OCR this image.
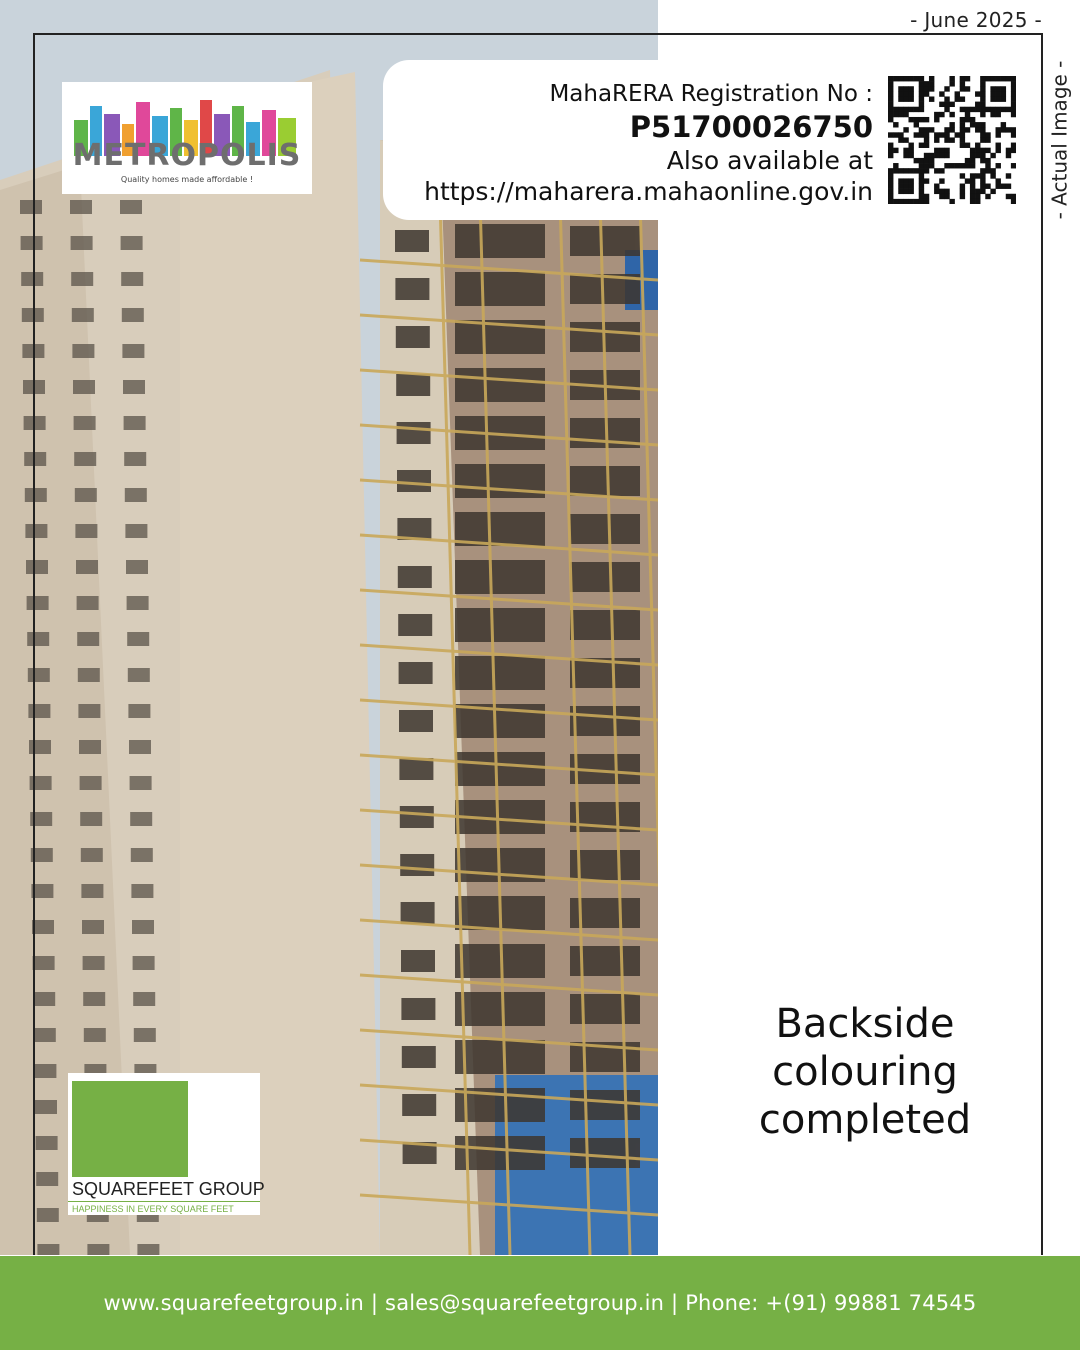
- June 2025 -
- Actual Image -
MahaRERA Registration No :
P51700026750
Also available at
https://maharera.mahaonline.gov.in
METROPOLIS
Quality homes made affordable !
Backside
colouring
completed
SQUAREFEET GROUP
HAPPINESS IN EVERY SQUARE FEET
www.squarefeetgroup.in | sales@squarefeetgroup.in | Phone: +(91) 99881 74545
